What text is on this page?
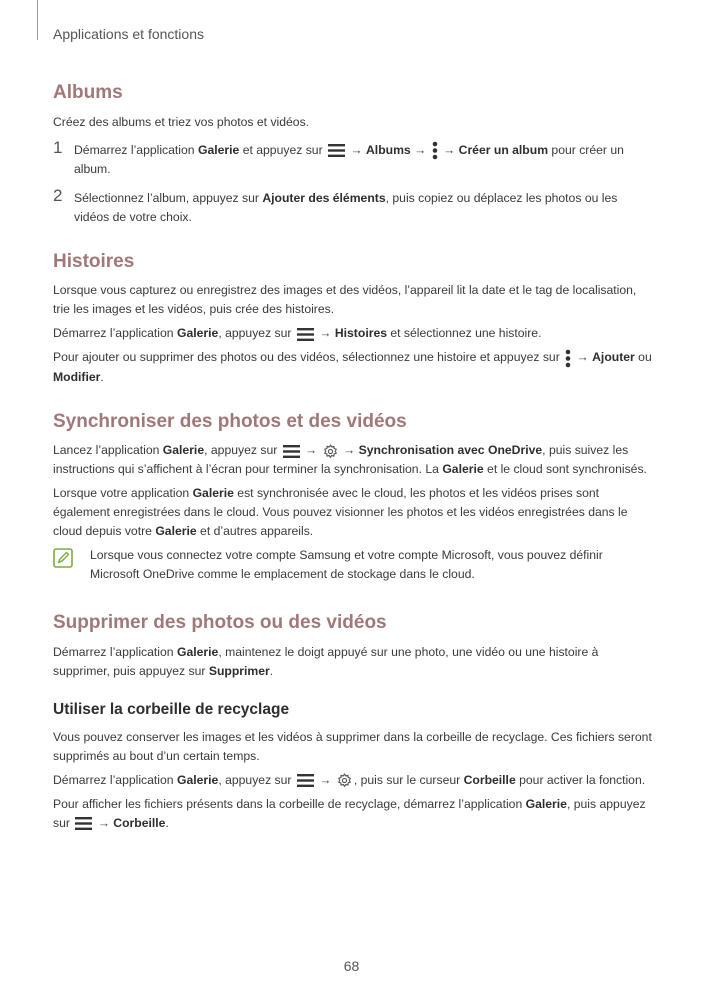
Applications et fonctions
Albums

Créez des albums et triez vos photos et vidéos.

1 Démarrez l’application Galerie et appuyez sur  → Albums →  → Créer un album pour créer un album.

2 Sélectionnez l’album, appuyez sur Ajouter des éléments, puis copiez ou déplacez les photos ou les vidéos de votre choix.

Histoires

Lorsque vous capturez ou enregistrez des images et des vidéos, l’appareil lit la date et le tag de localisation, trie les images et les vidéos, puis crée des histoires.

Démarrez l’application Galerie, appuyez sur  → Histoires et sélectionnez une histoire.

Pour ajouter ou supprimer des photos ou des vidéos, sélectionnez une histoire et appuyez sur  → Ajouter ou Modifier.

Synchroniser des photos et des vidéos

Lancez l’application Galerie, appuyez sur  →  → Synchronisation avec OneDrive, puis suivez les instructions qui s’affichent à l’écran pour terminer la synchronisation. La Galerie et le cloud sont synchronisés.

Lorsque votre application Galerie est synchronisée avec le cloud, les photos et les vidéos prises sont également enregistrées dans le cloud. Vous pouvez visionner les photos et les vidéos enregistrées dans le cloud depuis votre Galerie et d’autres appareils.

Lorsque vous connectez votre compte Samsung et votre compte Microsoft, vous pouvez définir Microsoft OneDrive comme le emplacement de stockage dans le cloud.

Supprimer des photos ou des vidéos

Démarrez l’application Galerie, maintenez le doigt appuyé sur une photo, une vidéo ou une histoire à supprimer, puis appuyez sur Supprimer.

Utiliser la corbeille de recyclage

Vous pouvez conserver les images et les vidéos à supprimer dans la corbeille de recyclage. Ces fichiers seront supprimés au bout d’un certain temps.

Démarrez l’application Galerie, appuyez sur  → , puis sur le curseur Corbeille pour activer la fonction.

Pour afficher les fichiers présents dans la corbeille de recyclage, démarrez l’application Galerie, puis appuyez sur  → Corbeille.

68
